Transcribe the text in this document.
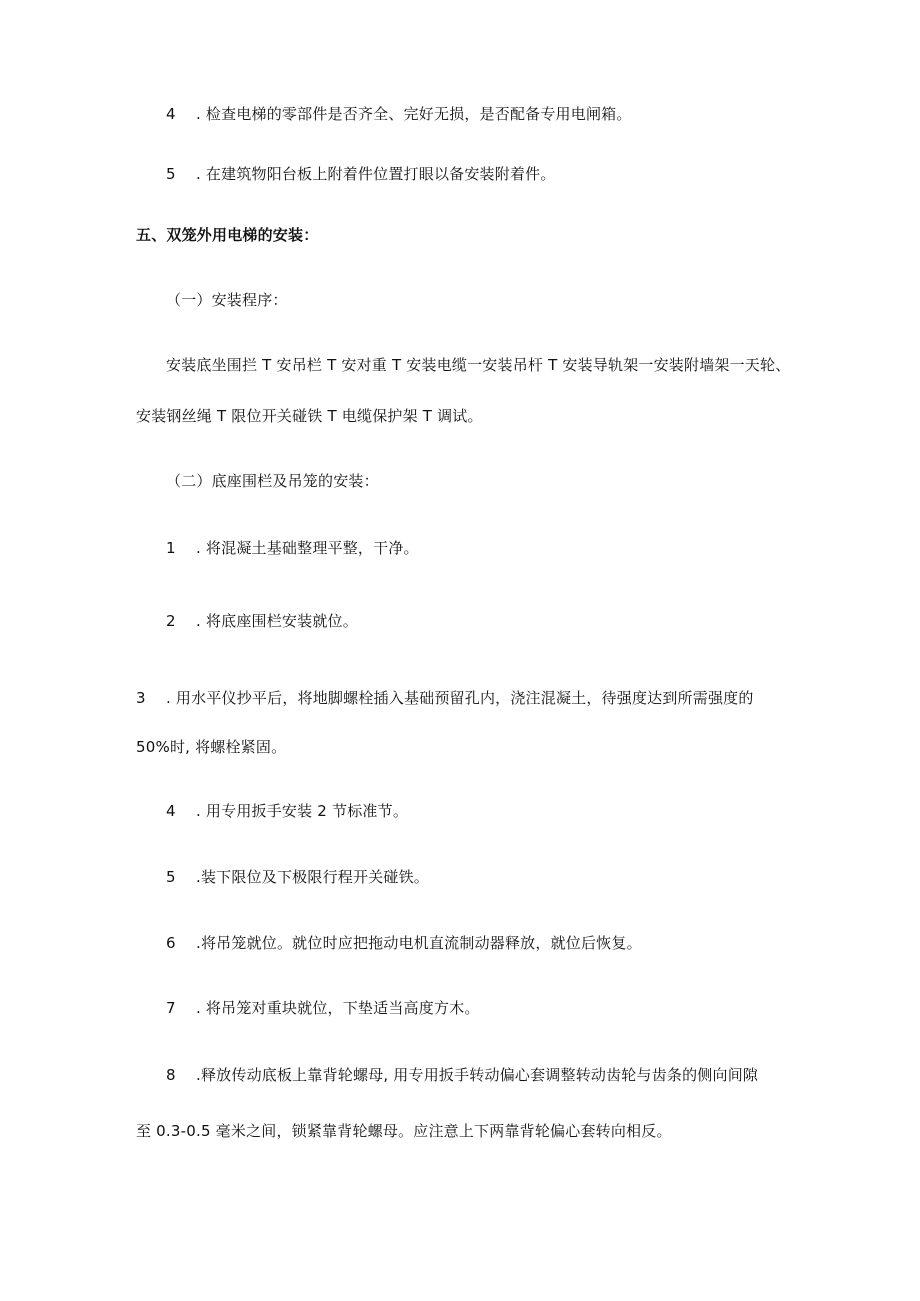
4 . 检查电梯的零部件是否齐全、完好无损，是否配备专用电闸箱。
5 . 在建筑物阳台板上附着件位置打眼以备安装附着件。
五、双笼外用电梯的安装：
（一）安装程序：
安装底坐围拦 T 安吊栏 T 安对重 T 安装电缆一安装吊杆 T 安装导轨架一安装附墙架一天轮、
安装钢丝绳 T 限位开关碰铁 T 电缆保护架 T 调试。
（二）底座围栏及吊笼的安装：
1 . 将混凝土基础整理平整，干净。
2 . 将底座围栏安装就位。
3 . 用水平仪抄平后，将地脚螺栓插入基础预留孔内，浇注混凝土，待强度达到所需强度的
50%时, 将螺栓紧固。
4 . 用专用扳手安装 2 节标准节。
5 .装下限位及下极限行程开关碰铁。
6 .将吊笼就位。就位时应把拖动电机直流制动器释放，就位后恢复。
7 . 将吊笼对重块就位，下垫适当高度方木。
8 .释放传动底板上靠背轮螺母, 用专用扳手转动偏心套调整转动齿轮与齿条的侧向间隙
至 0.3-0.5 毫米之间，锁紧靠背轮螺母。应注意上下两靠背轮偏心套转向相反。
